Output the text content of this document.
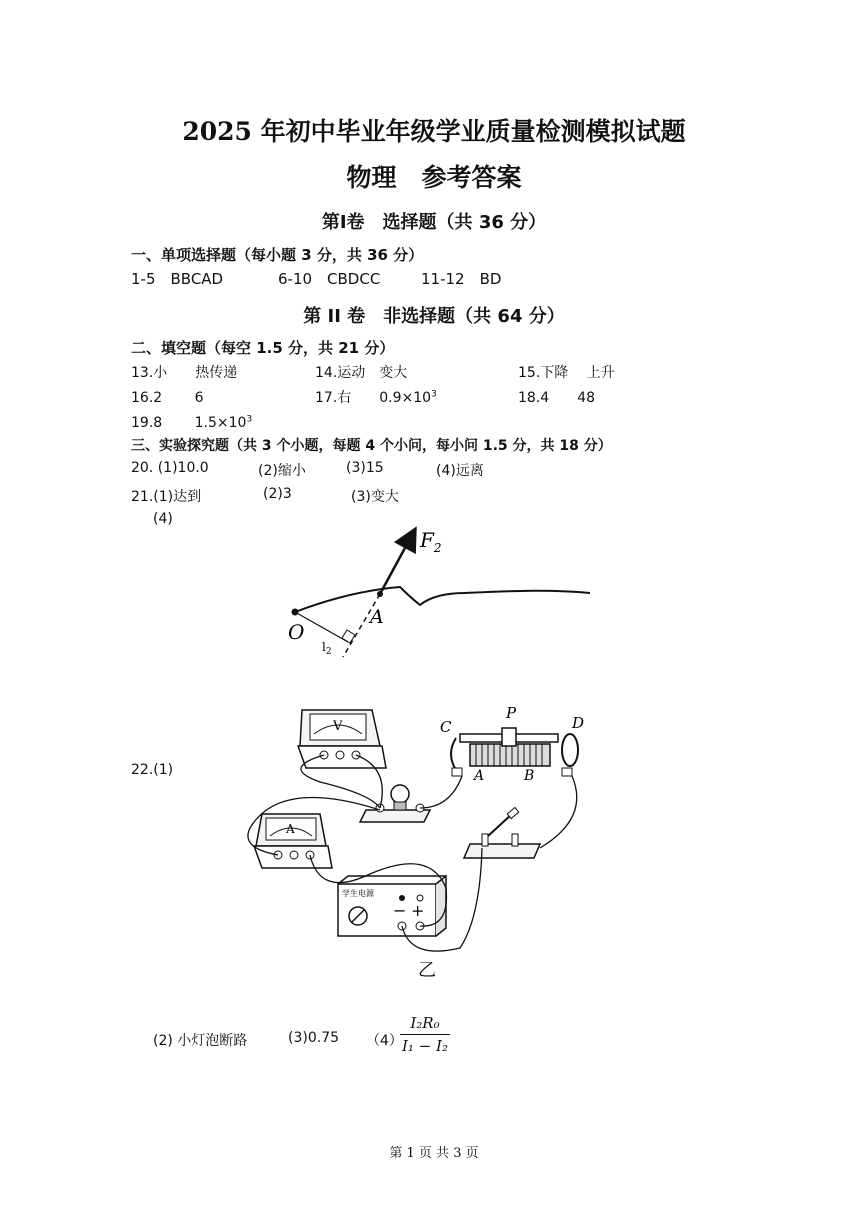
2025 年初中毕业年级学业质量检测模拟试题
物理　参考答案
第Ⅰ卷　选择题（共 36 分）
一、单项选择题（每小题 3 分，共 36 分）
1-5　BBCAD	6-10　CBDCC	11-12　BD
第 II 卷　非选择题（共 64 分）
二、填空题（每空 1.5 分，共 21 分）
13.小　　热传递	14.运动　变大	15.下降　 上升
16.2　　 6	17.右　　$0.9\times 10^3$	18.4　　48
19.8　　 $1.5\times 10^3$
三、实验探究题（共 3 个小题，每题 4 个小问，每小问 1.5 分，共 18 分）
20. (1)10.0	(2)缩小	(3)15	(4)远离
21.(1)达到	(2)3	(3)变大
(4)
$F_2$
O
A
$l_2$
22.(1)
V	C
P
D
A	B
A
学生电源
− +
乙
(2) 小灯泡断路	(3)0.75 （4）
$\frac{\text{I₂R₀}}{\text{I₁ − I₂}}$
第 1 页 共 3 页
